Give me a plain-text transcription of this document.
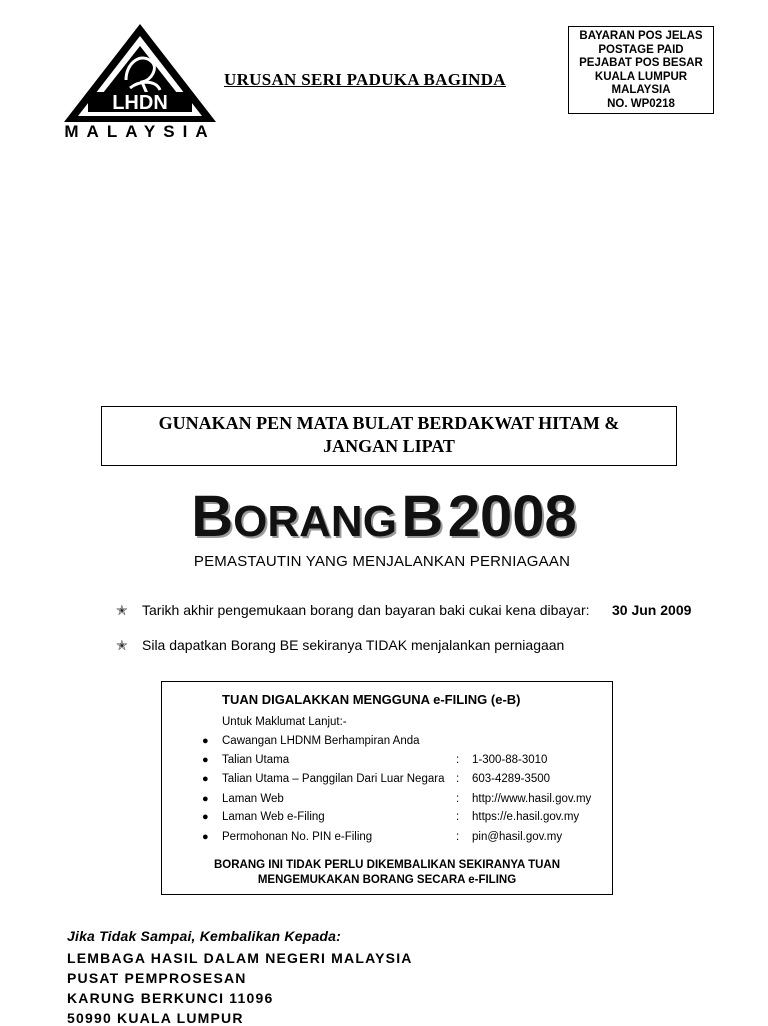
LHDN
MALAYSIA
URUSAN SERI PADUKA BAGINDA
BAYARAN POS JELAS
POSTAGE PAID
PEJABAT POS BESAR
KUALA LUMPUR
MALAYSIA
NO. WP0218
GUNAKAN PEN MATA BULAT BERDAKWAT HITAM &
JANGAN LIPAT
BORANG B 2008
PEMASTAUTIN YANG MENJALANKAN PERNIAGAAN
✭ Tarikh akhir pengemukaan borang dan bayaran baki cukai kena dibayar: 30 Jun 2009
✭ Sila dapatkan Borang BE sekiranya TIDAK menjalankan perniagaan
TUAN DIGALAKKAN MENGGUNA e-FILING (e-B)
Untuk Maklumat Lanjut:-
● Cawangan LHDNM Berhampiran Anda
● Talian Utama	: 1-300-88-3010
● Talian Utama – Panggilan Dari Luar Negara : 603-4289-3500
● Laman Web	: http://www.hasil.gov.my
● Laman Web e-Filing	: https://e.hasil.gov.my
● Permohonan No. PIN e-Filing	: pin@hasil.gov.my
BORANG INI TIDAK PERLU DIKEMBALIKAN SEKIRANYA TUAN
MENGEMUKAKAN BORANG SECARA e-FILING
Jika Tidak Sampai, Kembalikan Kepada:
LEMBAGA HASIL DALAM NEGERI MALAYSIA
PUSAT PEMPROSESAN
KARUNG BERKUNCI 11096
50990 KUALA LUMPUR
